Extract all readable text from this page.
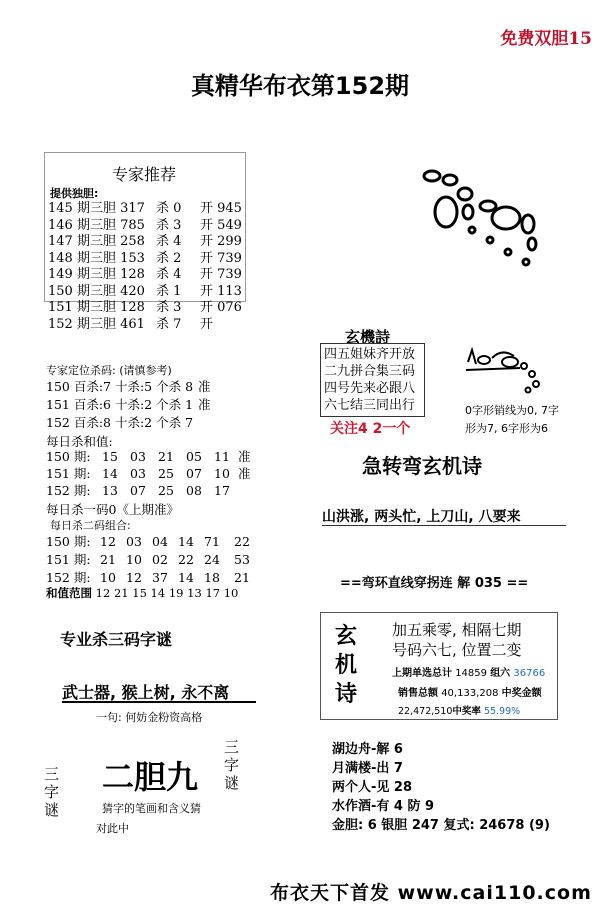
免费双胆15
真精华布衣第152期
专家推荐
提供独胆:
145 期三胆 317 杀 0 开 945
146 期三胆 785 杀 3 开 549
147 期三胆 258 杀 4 开 299
148 期三胆 153 杀 2 开 739
149 期三胆 128 杀 4 开 739
150 期三胆 420 杀 1 开 113
151 期三胆 128 杀 3 开 076
152 期三胆 461 杀 7 开
专家定位杀码: (请慎参考)
150 百杀:7 十杀:5 个杀 8 准
151 百杀:6 十杀:2 个杀 1 准
152 百杀:8 十杀:2 个杀 7
每日杀和值:
150 期: 15 03 21 05 11 准
151 期: 14 03 25 07 10 准
152 期: 13 07 25 08 17
每日杀一码0《上期准》
每日杀二码组合:
150 期: 12 03 04 14 71 22
151 期: 21 10 02 22 24 53
152 期: 10 12 37 14 18 21
和值范围 12 21 15 14 19 13 17 10
专业杀三码字谜
武士器, 猴上树, 永不离
一句: 何妨金粉资高格
三字谜
三字谜
二胆九
猜字的笔画和含义猜
对此中
玄機詩
四五姐妹齐开放
二九拼合集三码
四号先来必跟八
六七结三同出行
关注4 2一个
0字形销线为0, 7字
形为7, 6字形为6
急转弯玄机诗
山洪涨, 两头忙, 上刀山, 八要来
==弯环直线穿拐连 解 035 ==
玄
机
诗
加五乘零, 相隔七期
号码六七, 位置二变
上期单选总计 14859 组六 36766
销售总额 40,133,208 中奖金额
22,472,510中奖率 55.99%
湖边舟-解 6
月满楼-出 7
两个人-见 28
水作酒-有 4 防 9
金胆: 6 银胆 247 复式: 24678 (9)
布衣天下首发 www.cai110.com
